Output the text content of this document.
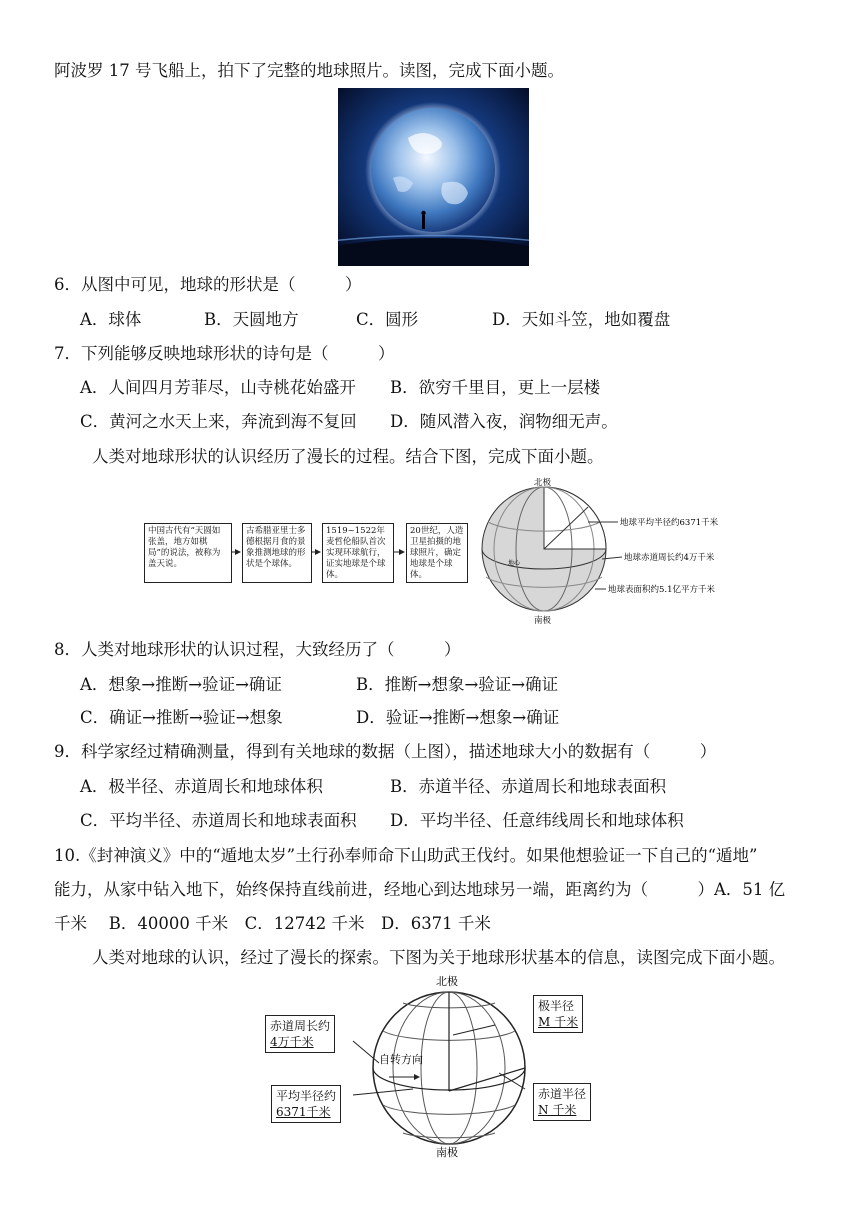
阿波罗 17 号飞船上，拍下了完整的地球照片。读图，完成下面小题。
6．从图中可见，地球的形状是（　　　）
A．球体	B．天圆地方	C．圆形	D．天如斗笠，地如覆盘
7．下列能够反映地球形状的诗句是（　　　）
A．人间四月芳菲尽，山寺桃花始盛开 B．欲穷千里目，更上一层楼
C．黄河之水天上来，奔流到海不复回 D．随风潜入夜，润物细无声。
人类对地球形状的认识经历了漫长的过程。结合下图，完成下面小题。
中国古代有“天圆如张盖，地方如棋局”的说法，被称为盖天说。
古希腊亚里士多德根据月食的景象推测地球的形状是个球体。
1519~1522年麦哲伦船队首次实现环球航行，证实地球是个球体。
20世纪，人造卫星拍摄的地球照片，确定地球是个球体。
北极
南极
地心
地球平均半径约6371千米
地球赤道周长约4万千米
地球表面积约5.1亿平方千米
8．人类对地球形状的认识过程，大致经历了（　　　）
A．想象→推断→验证→确证	B．推断→想象→验证→确证
C．确证→推断→验证→想象	D．验证→推断→想象→确证
9．科学家经过精确测量，得到有关地球的数据（上图），描述地球大小的数据有（　　　）
A．极半径、赤道周长和地球体积	B．赤道半径、赤道周长和地球表面积
C．平均半径、赤道周长和地球表面积 D．平均半径、任意纬线周长和地球体积
10.《封神演义》中的“遁地太岁”土行孙奉师命下山助武王伐纣。如果他想验证一下自己的“遁地”
能力，从家中钻入地下，始终保持直线前进，经地心到达地球另一端，距离约为（　　　）A．51 亿
千米　 B．40000 千米　C．12742 千米　D．6371 千米
人类对地球的认识，经过了漫长的探索。下图为关于地球形状基本的信息，读图完成下面小题。
北极
南极
自转方向
赤道周长约
4万千米
平均半径约
6371千米
极半径
M 千米
赤道半径
N 千米
